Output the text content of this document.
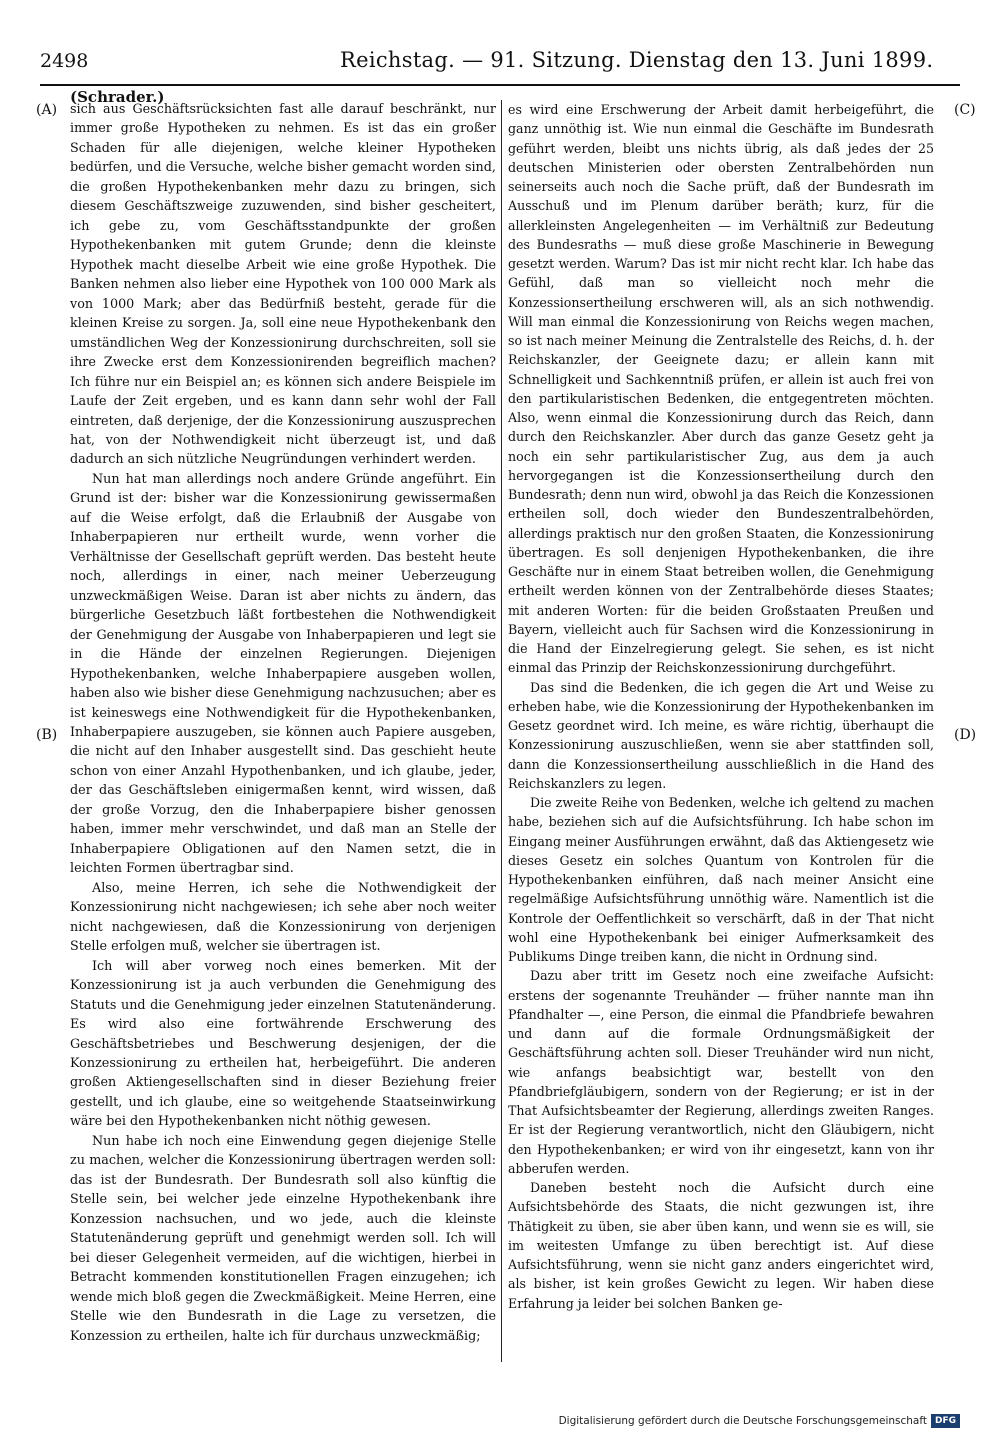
2498	Reichstag. — 91. Sitzung. Dienstag den 13. Juni 1899.
(Schrader.)
(A)
(B)
(C)
(D)

sich aus Geschäftsrücksichten fast alle darauf beschränkt, nur immer große Hypotheken zu nehmen. Es ist das ein großer Schaden für alle diejenigen, welche kleiner Hypotheken bedürfen, und die Versuche, welche bisher gemacht worden sind, die großen Hypothekenbanken mehr dazu zu bringen, sich diesem Geschäftszweige zuzuwenden, sind bisher gescheitert, ich gebe zu, vom Geschäftsstandpunkte der großen Hypothekenbanken mit gutem Grunde; denn die kleinste Hypothek macht dieselbe Arbeit wie eine große Hypothek. Die Banken nehmen also lieber eine Hypothek von 100 000 Mark als von 1000 Mark; aber das Bedürfniß besteht, gerade für die kleinen Kreise zu sorgen. Ja, soll eine neue Hypothekenbank den umständlichen Weg der Konzessionirung durchschreiten, soll sie ihre Zwecke erst dem Konzessionirenden begreiflich machen? Ich führe nur ein Beispiel an; es können sich andere Beispiele im Laufe der Zeit ergeben, und es kann dann sehr wohl der Fall eintreten, daß derjenige, der die Konzessionirung auszusprechen hat, von der Nothwendigkeit nicht überzeugt ist, und daß dadurch an sich nützliche Neugründungen verhindert werden.

Nun hat man allerdings noch andere Gründe angeführt. Ein Grund ist der: bisher war die Konzessionirung gewissermaßen auf die Weise erfolgt, daß die Erlaubniß der Ausgabe von Inhaberpapieren nur ertheilt wurde, wenn vorher die Verhältnisse der Gesellschaft geprüft werden. Das besteht heute noch, allerdings in einer, nach meiner Ueberzeugung unzweckmäßigen Weise. Daran ist aber nichts zu ändern, das bürgerliche Gesetzbuch läßt fortbestehen die Nothwendigkeit der Genehmigung der Ausgabe von Inhaberpapieren und legt sie in die Hände der einzelnen Regierungen. Diejenigen Hypothekenbanken, welche Inhaberpapiere ausgeben wollen, haben also wie bisher diese Genehmigung nachzusuchen; aber es ist keineswegs eine Nothwendigkeit für die Hypothekenbanken, Inhaberpapiere auszugeben, sie können auch Papiere ausgeben, die nicht auf den Inhaber ausgestellt sind. Das geschieht heute schon von einer Anzahl Hypothenbanken, und ich glaube, jeder, der das Geschäftsleben einigermaßen kennt, wird wissen, daß der große Vorzug, den die Inhaberpapiere bisher genossen haben, immer mehr verschwindet, und daß man an Stelle der Inhaberpapiere Obligationen auf den Namen setzt, die in leichten Formen übertragbar sind.

Also, meine Herren, ich sehe die Nothwendigkeit der Konzessionirung nicht nachgewiesen; ich sehe aber noch weiter nicht nachgewiesen, daß die Konzessionirung von derjenigen Stelle erfolgen muß, welcher sie übertragen ist.

Ich will aber vorweg noch eines bemerken. Mit der Konzessionirung ist ja auch verbunden die Genehmigung des Statuts und die Genehmigung jeder einzelnen Statutenänderung. Es wird also eine fortwährende Erschwerung des Geschäftsbetriebes und Beschwerung desjenigen, der die Konzessionirung zu ertheilen hat, herbeigeführt. Die anderen großen Aktiengesellschaften sind in dieser Beziehung freier gestellt, und ich glaube, eine so weitgehende Staatseinwirkung wäre bei den Hypothekenbanken nicht nöthig gewesen.

Nun habe ich noch eine Einwendung gegen diejenige Stelle zu machen, welcher die Konzessionirung übertragen werden soll: das ist der Bundesrath. Der Bundesrath soll also künftig die Stelle sein, bei welcher jede einzelne Hypothekenbank ihre Konzession nachsuchen, und wo jede, auch die kleinste Statutenänderung geprüft und genehmigt werden soll. Ich will bei dieser Gelegenheit vermeiden, auf die wichtigen, hierbei in Betracht kommenden konstitutionellen Fragen einzugehen; ich wende mich bloß gegen die Zweckmäßigkeit. Meine Herren, eine Stelle wie den Bundesrath in die Lage zu versetzen, die Konzession zu ertheilen, halte ich für durchaus unzweckmäßig;

es wird eine Erschwerung der Arbeit damit herbeigeführt, die ganz unnöthig ist. Wie nun einmal die Geschäfte im Bundesrath geführt werden, bleibt uns nichts übrig, als daß jedes der 25 deutschen Ministerien oder obersten Zentralbehörden nun seinerseits auch noch die Sache prüft, daß der Bundesrath im Ausschuß und im Plenum darüber beräth; kurz, für die allerkleinsten Angelegenheiten — im Verhältniß zur Bedeutung des Bundesraths — muß diese große Maschinerie in Bewegung gesetzt werden. Warum? Das ist mir nicht recht klar. Ich habe das Gefühl, daß man so vielleicht noch mehr die Konzessionsertheilung erschweren will, als an sich nothwendig. Will man einmal die Konzessionirung von Reichs wegen machen, so ist nach meiner Meinung die Zentralstelle des Reichs, d. h. der Reichskanzler, der Geeignete dazu; er allein kann mit Schnelligkeit und Sachkenntniß prüfen, er allein ist auch frei von den partikularistischen Bedenken, die entgegentreten möchten. Also, wenn einmal die Konzessionirung durch das Reich, dann durch den Reichskanzler. Aber durch das ganze Gesetz geht ja noch ein sehr partikularistischer Zug, aus dem ja auch hervorgegangen ist die Konzessionsertheilung durch den Bundesrath; denn nun wird, obwohl ja das Reich die Konzessionen ertheilen soll, doch wieder den Bundeszentralbehörden, allerdings praktisch nur den großen Staaten, die Konzessionirung übertragen. Es soll denjenigen Hypothekenbanken, die ihre Geschäfte nur in einem Staat betreiben wollen, die Genehmigung ertheilt werden können von der Zentralbehörde dieses Staates; mit anderen Worten: für die beiden Großstaaten Preußen und Bayern, vielleicht auch für Sachsen wird die Konzessionirung in die Hand der Einzelregierung gelegt. Sie sehen, es ist nicht einmal das Prinzip der Reichskonzessionirung durchgeführt.

Das sind die Bedenken, die ich gegen die Art und Weise zu erheben habe, wie die Konzessionirung der Hypothekenbanken im Gesetz geordnet wird. Ich meine, es wäre richtig, überhaupt die Konzessionirung auszuschließen, wenn sie aber stattfinden soll, dann die Konzessionsertheilung ausschließlich in die Hand des Reichskanzlers zu legen.

Die zweite Reihe von Bedenken, welche ich geltend zu machen habe, beziehen sich auf die Aufsichtsführung. Ich habe schon im Eingang meiner Ausführungen erwähnt, daß das Aktiengesetz wie dieses Gesetz ein solches Quantum von Kontrolen für die Hypothekenbanken einführen, daß nach meiner Ansicht eine regelmäßige Aufsichtsführung unnöthig wäre. Namentlich ist die Kontrole der Oeffentlichkeit so verschärft, daß in der That nicht wohl eine Hypothekenbank bei einiger Aufmerksamkeit des Publikums Dinge treiben kann, die nicht in Ordnung sind.

Dazu aber tritt im Gesetz noch eine zweifache Aufsicht: erstens der sogenannte Treuhänder — früher nannte man ihn Pfandhalter —, eine Person, die einmal die Pfandbriefe bewahren und dann auf die formale Ordnungsmäßigkeit der Geschäftsführung achten soll. Dieser Treuhänder wird nun nicht, wie anfangs beabsichtigt war, bestellt von den Pfandbriefgläubigern, sondern von der Regierung; er ist in der That Aufsichtsbeamter der Regierung, allerdings zweiten Ranges. Er ist der Regierung verantwortlich, nicht den Gläubigern, nicht den Hypothekenbanken; er wird von ihr eingesetzt, kann von ihr abberufen werden.

Daneben besteht noch die Aufsicht durch eine Aufsichtsbehörde des Staats, die nicht gezwungen ist, ihre Thätigkeit zu üben, sie aber üben kann, und wenn sie es will, sie im weitesten Umfange zu üben berechtigt ist. Auf diese Aufsichtsführung, wenn sie nicht ganz anders eingerichtet wird, als bisher, ist kein großes Gewicht zu legen. Wir haben diese Erfahrung ja leider bei solchen Banken ge-

Digitalisierung gefördert durch die Deutsche Forschungsgemeinschaft DFG
